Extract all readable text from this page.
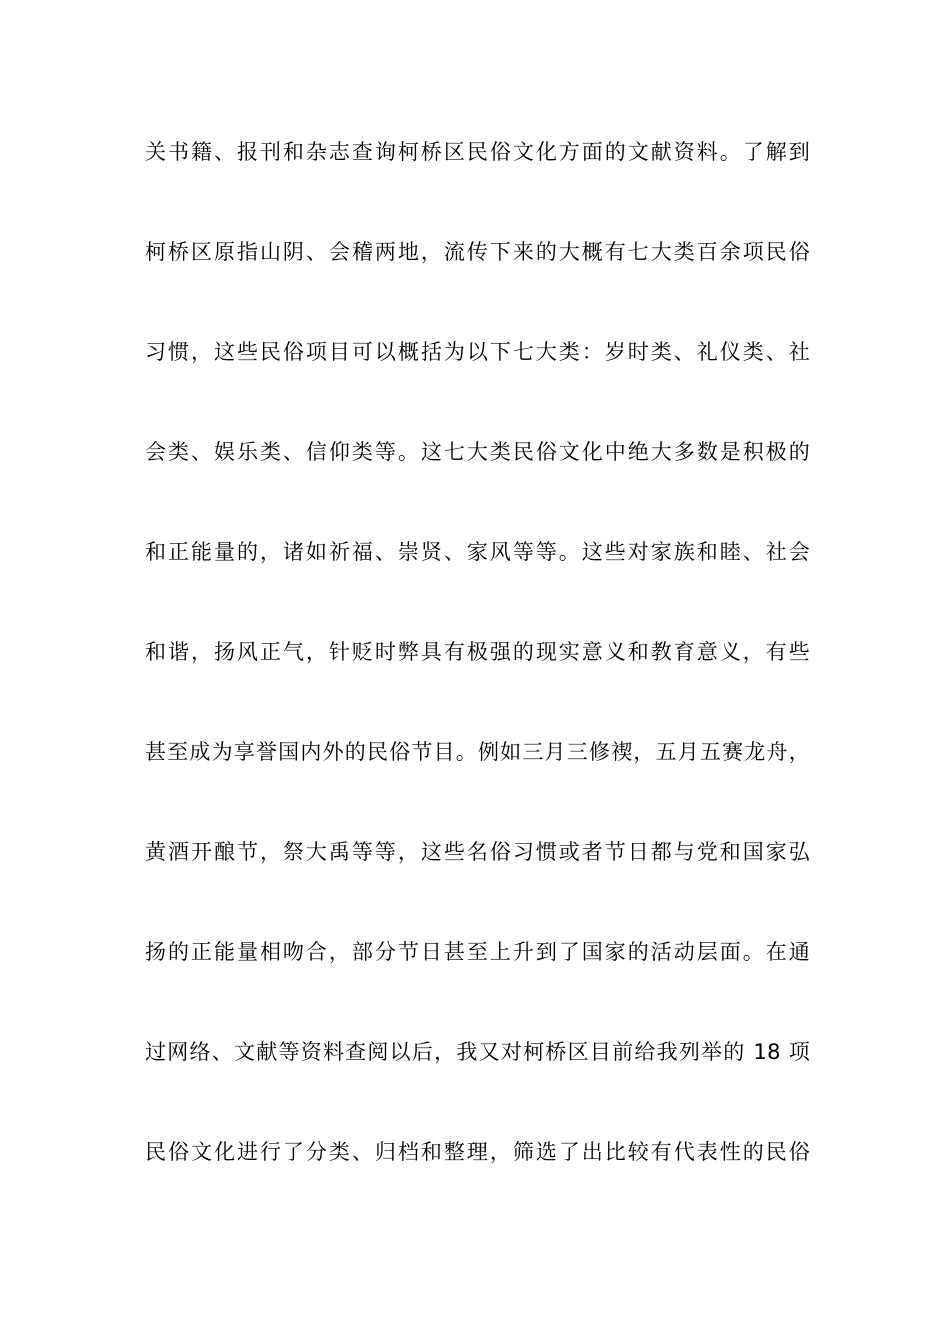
关书籍、报刊和杂志查询柯桥区民俗文化方面的文献资料。了解到
柯桥区原指山阴、会稽两地，流传下来的大概有七大类百余项民俗
习惯，这些民俗项目可以概括为以下七大类：岁时类、礼仪类、社
会类、娱乐类、信仰类等。这七大类民俗文化中绝大多数是积极的
和正能量的，诸如祈福、崇贤、家风等等。这些对家族和睦、社会
和谐，扬风正气，针贬时弊具有极强的现实意义和教育意义，有些
甚至成为享誉国内外的民俗节目。例如三月三修禊，五月五赛龙舟，
黄酒开酿节，祭大禹等等，这些名俗习惯或者节日都与党和国家弘
扬的正能量相吻合，部分节日甚至上升到了国家的活动层面。在通
过网络、文献等资料查阅以后，我又对柯桥区目前给我列举的 18 项
民俗文化进行了分类、归档和整理，筛选了出比较有代表性的民俗
